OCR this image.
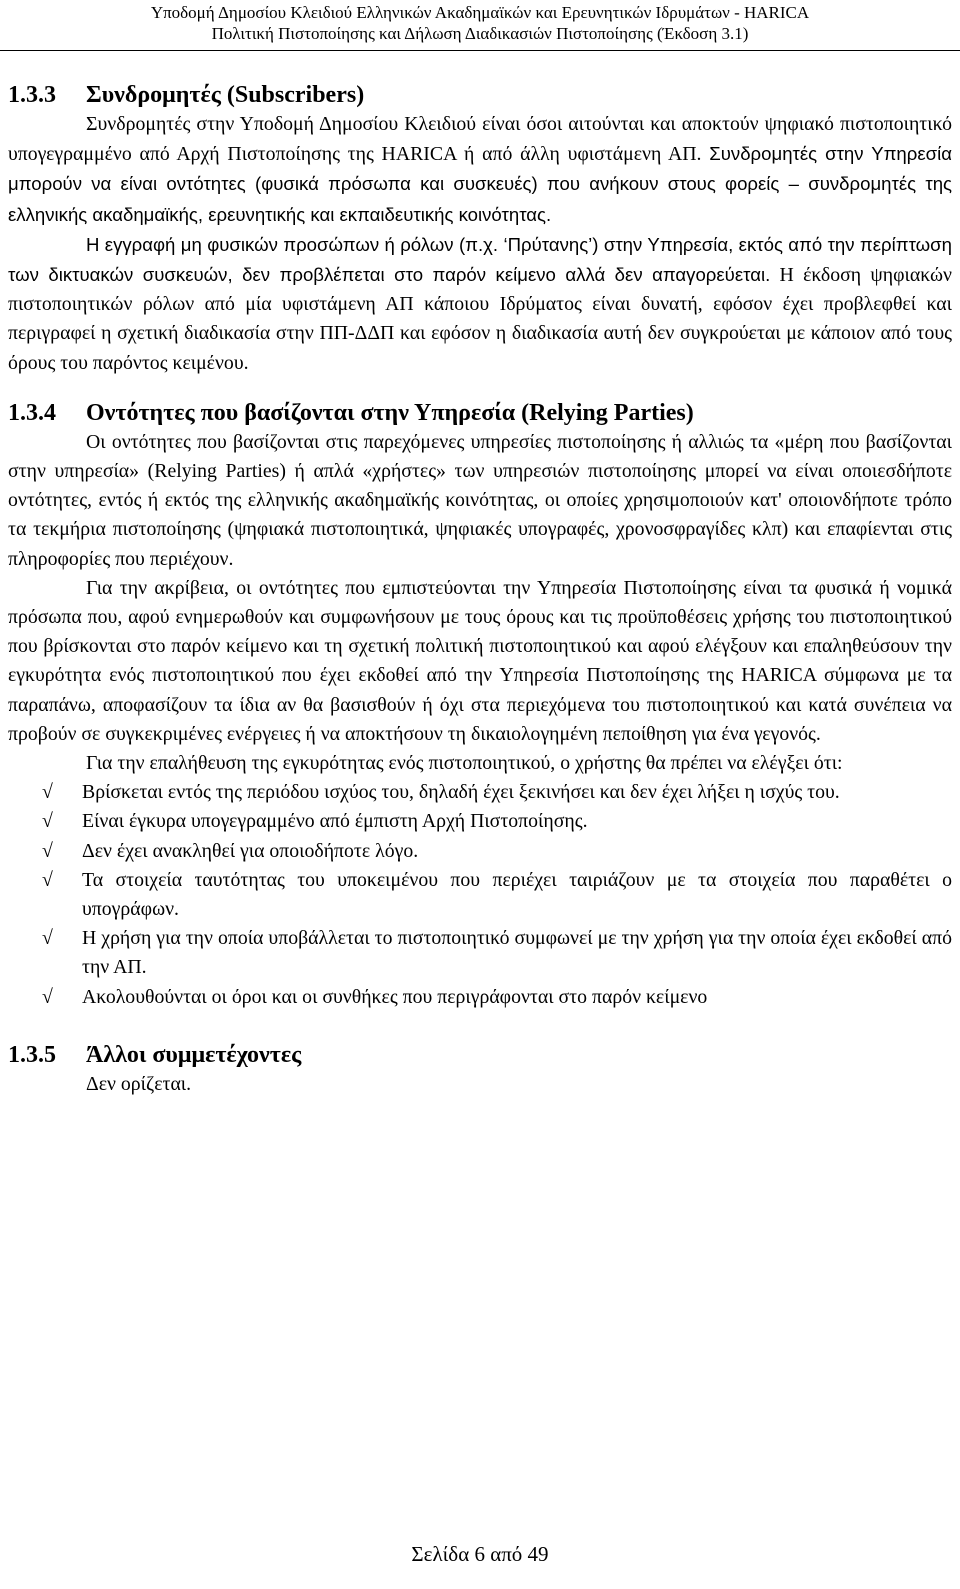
Υποδομή Δημοσίου Κλειδιού Ελληνικών Ακαδημαϊκών και Ερευνητικών Ιδρυμάτων - HARICA
Πολιτική Πιστοποίησης και Δήλωση Διαδικασιών Πιστοποίησης (Έκδοση 3.1)
1.3.3	Συνδρομητές (Subscribers)

Συνδρομητές στην Υποδομή Δημοσίου Κλειδιού είναι όσοι αιτούνται και αποκτούν ψηφιακό πιστοποιητικό υπογεγραμμένο από Αρχή Πιστοποίησης της HARICA ή από άλλη υφιστάμενη ΑΠ. Συνδρομητές στην Υπηρεσία μπορούν να είναι οντότητες (φυσικά πρόσωπα και συσκευές) που ανήκουν στους φορείς – συνδρομητές της ελληνικής ακαδημαϊκής, ερευνητικής και εκπαιδευτικής κοινότητας.

Η εγγραφή μη φυσικών προσώπων ή ρόλων (π.χ. ‘Πρύτανης’) στην Υπηρεσία, εκτός από την περίπτωση των δικτυακών συσκευών, δεν προβλέπεται στο παρόν κείμενο αλλά δεν απαγορεύεται. Η έκδοση ψηφιακών πιστοποιητικών ρόλων από μία υφιστάμενη ΑΠ κάποιου Ιδρύματος είναι δυνατή, εφόσον έχει προβλεφθεί και περιγραφεί η σχετική διαδικασία στην ΠΠ-ΔΔΠ και εφόσον η διαδικασία αυτή δεν συγκρούεται με κάποιον από τους όρους του παρόντος κειμένου.

1.3.4	Οντότητες που βασίζονται στην Υπηρεσία (Relying Parties)

Οι οντότητες που βασίζονται στις παρεχόμενες υπηρεσίες πιστοποίησης ή αλλιώς τα «μέρη που βασίζονται στην υπηρεσία» (Relying Parties) ή απλά «χρήστες» των υπηρεσιών πιστοποίησης μπορεί να είναι οποιεσδήποτε οντότητες, εντός ή εκτός της ελληνικής ακαδημαϊκής κοινότητας, οι οποίες χρησιμοποιούν κατ' οποιονδήποτε τρόπο τα τεκμήρια πιστοποίησης (ψηφιακά πιστοποιητικά, ψηφιακές υπογραφές, χρονοσφραγίδες κλπ) και επαφίενται στις πληροφορίες που περιέχουν.

Για την ακρίβεια, οι οντότητες που εμπιστεύονται την Υπηρεσία Πιστοποίησης είναι τα φυσικά ή νομικά πρόσωπα που, αφού ενημερωθούν και συμφωνήσουν με τους όρους και τις προϋποθέσεις χρήσης του πιστοποιητικού που βρίσκονται στο παρόν κείμενο και τη σχετική πολιτική πιστοποιητικού και αφού ελέγξουν και επαληθεύσουν την εγκυρότητα ενός πιστοποιητικού που έχει εκδοθεί από την Υπηρεσία Πιστοποίησης της HARICA σύμφωνα με τα παραπάνω, αποφασίζουν τα ίδια αν θα βασισθούν ή όχι στα περιεχόμενα του πιστοποιητικού και κατά συνέπεια να προβούν σε συγκεκριμένες ενέργειες ή να αποκτήσουν τη δικαιολογημένη πεποίθηση για ένα γεγονός.

Για την επαλήθευση της εγκυρότητας ενός πιστοποιητικού, ο χρήστης θα πρέπει να ελέγξει ότι:

√	Βρίσκεται εντός της περιόδου ισχύος του, δηλαδή έχει ξεκινήσει και δεν έχει λήξει η ισχύς του.
√	Είναι έγκυρα υπογεγραμμένο από έμπιστη Αρχή Πιστοποίησης.
√	Δεν έχει ανακληθεί για οποιοδήποτε λόγο.
√	Τα στοιχεία ταυτότητας του υποκειμένου που περιέχει ταιριάζουν με τα στοιχεία που παραθέτει ο υπογράφων.
√	Η χρήση για την οποία υποβάλλεται το πιστοποιητικό συμφωνεί με την χρήση για την οποία έχει εκδοθεί από την ΑΠ.
√	Ακολουθούνται οι όροι και οι συνθήκες που περιγράφονται στο παρόν κείμενο
1.3.5	Άλλοι συμμετέχοντες

Δεν ορίζεται.

Σελίδα 6 από 49
